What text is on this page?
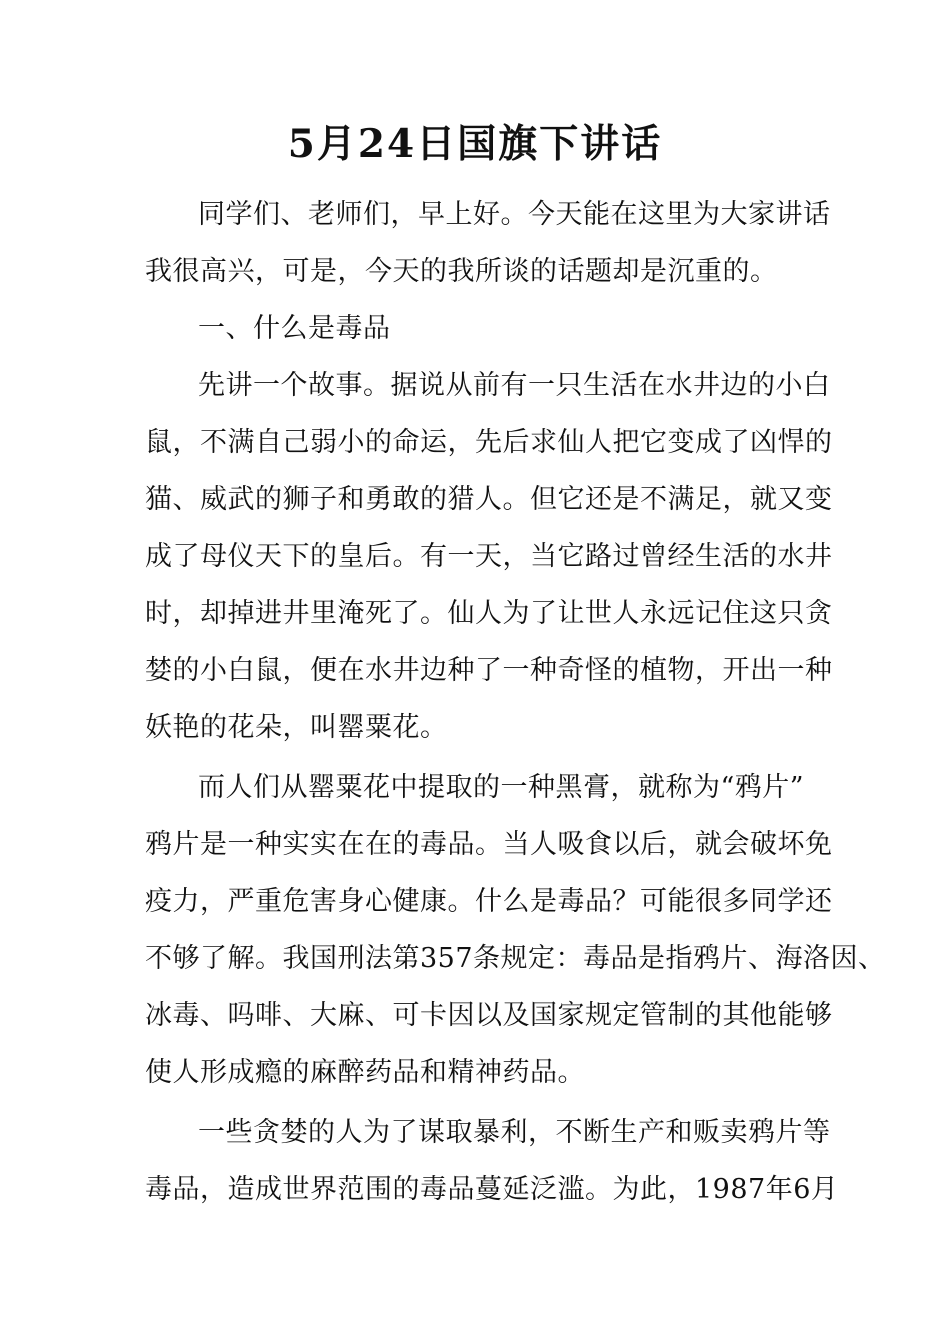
5月24日国旗下讲话
同学们、老师们，早上好。今天能在这里为大家讲话
我很高兴，可是，今天的我所谈的话题却是沉重的。
一、什么是毒品
先讲一个故事。据说从前有一只生活在水井边的小白
鼠，不满自己弱小的命运，先后求仙人把它变成了凶悍的
猫、威武的狮子和勇敢的猎人。但它还是不满足，就又变
成了母仪天下的皇后。有一天，当它路过曾经生活的水井
时，却掉进井里淹死了。仙人为了让世人永远记住这只贪
婪的小白鼠，便在水井边种了一种奇怪的植物，开出一种
妖艳的花朵，叫罂粟花。
而人们从罂粟花中提取的一种黑膏，就称为“鸦片”
鸦片是一种实实在在的毒品。当人吸食以后，就会破坏免
疫力，严重危害身心健康。什么是毒品？可能很多同学还
不够了解。我国刑法第357条规定：毒品是指鸦片、海洛因、
冰毒、吗啡、大麻、可卡因以及国家规定管制的其他能够
使人形成瘾的麻醉药品和精神药品。
一些贪婪的人为了谋取暴利，不断生产和贩卖鸦片等
毒品，造成世界范围的毒品蔓延泛滥。为此，1987年6月
